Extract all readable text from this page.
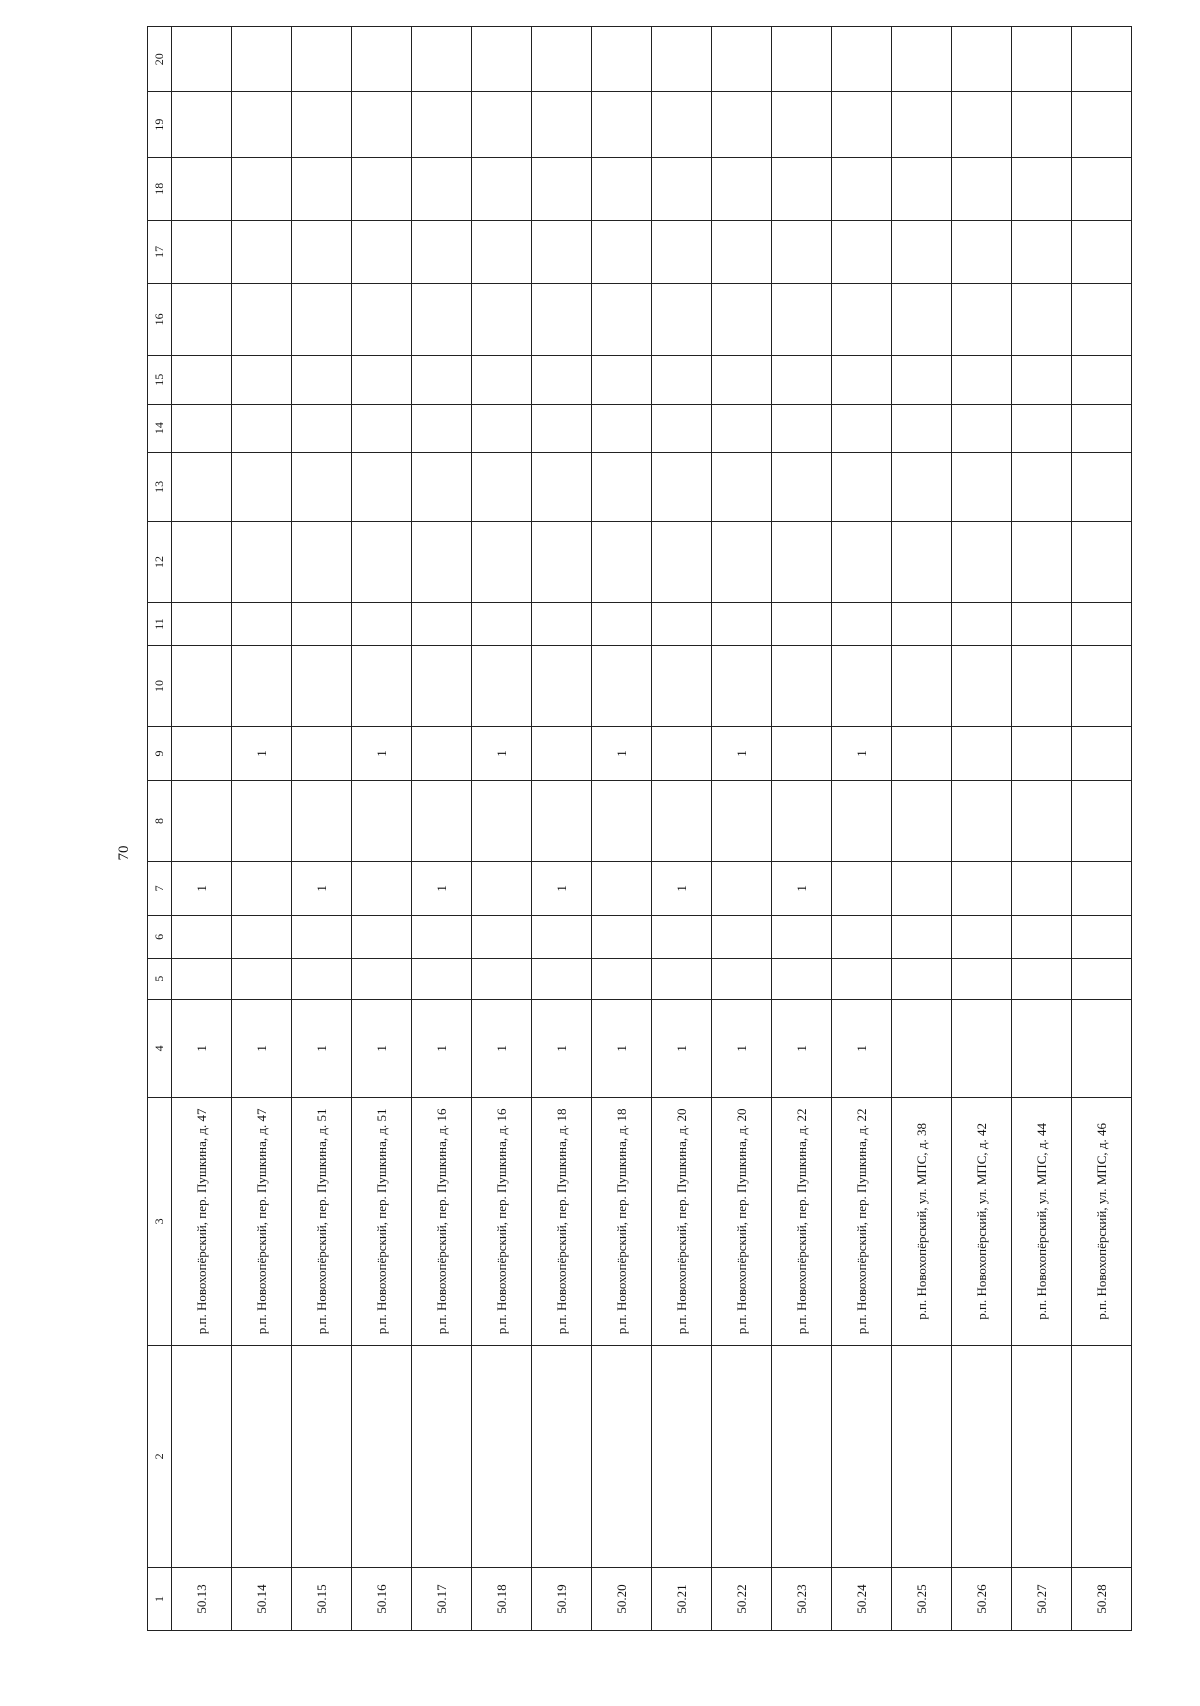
70
1	2	3	4	5	6	7	8	9	10	11	12	13	14	15	16	17	18	19	20
50.13		р.п. Новохопёрский, пер. Пушкина, д. 47	1			1													
50.14		р.п. Новохопёрский, пер. Пушкина, д. 47	1					1											
50.15		р.п. Новохопёрский, пер. Пушкина, д. 51	1			1													
50.16		р.п. Новохопёрский, пер. Пушкина, д. 51	1					1											
50.17		р.п. Новохопёрский, пер. Пушкина, д. 16	1			1													
50.18		р.п. Новохопёрский, пер. Пушкина, д. 16	1					1											
50.19		р.п. Новохопёрский, пер. Пушкина, д. 18	1			1													
50.20		р.п. Новохопёрский, пер. Пушкина, д. 18	1					1											
50.21		р.п. Новохопёрский, пер. Пушкина, д. 20	1			1													
50.22		р.п. Новохопёрский, пер. Пушкина, д. 20	1					1											
50.23		р.п. Новохопёрский, пер. Пушкина, д. 22	1			1													
50.24		р.п. Новохопёрский, пер. Пушкина, д. 22	1					1											
50.25		р.п. Новохопёрский, ул. МПС, д. 38																	
50.26		р.п. Новохопёрский, ул. МПС, д. 42																	
50.27		р.п. Новохопёрский, ул. МПС, д. 44																	
50.28		р.п. Новохопёрский, ул. МПС, д. 46																	
